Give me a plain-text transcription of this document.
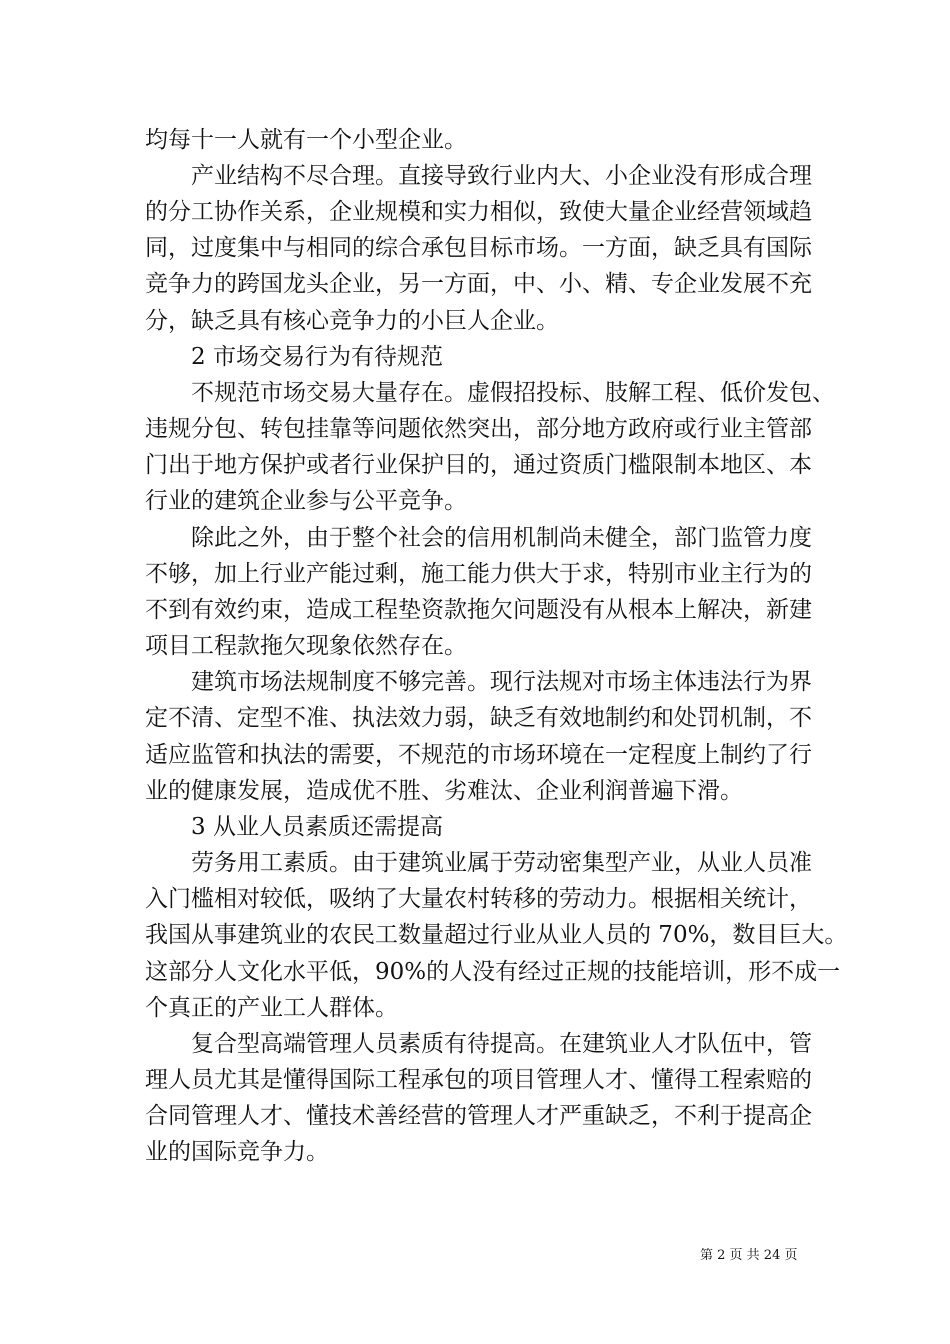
均每十一人就有一个小型企业。
　　产业结构不尽合理。直接导致行业内大、小企业没有形成合理
的分工协作关系，企业规模和实力相似，致使大量企业经营领域趋
同，过度集中与相同的综合承包目标市场。一方面，缺乏具有国际
竞争力的跨国龙头企业，另一方面，中、小、精、专企业发展不充
分，缺乏具有核心竞争力的小巨人企业。
　　2 市场交易行为有待规范
　　不规范市场交易大量存在。虚假招投标、肢解工程、低价发包、
违规分包、转包挂靠等问题依然突出，部分地方政府或行业主管部
门出于地方保护或者行业保护目的，通过资质门槛限制本地区、本
行业的建筑企业参与公平竞争。
　　除此之外，由于整个社会的信用机制尚未健全，部门监管力度
不够，加上行业产能过剩，施工能力供大于求，特别市业主行为的
不到有效约束，造成工程垫资款拖欠问题没有从根本上解决，新建
项目工程款拖欠现象依然存在。
　　建筑市场法规制度不够完善。现行法规对市场主体违法行为界
定不清、定型不准、执法效力弱，缺乏有效地制约和处罚机制，不
适应监管和执法的需要，不规范的市场环境在一定程度上制约了行
业的健康发展，造成优不胜、劣难汰、企业利润普遍下滑。
　　3 从业人员素质还需提高
　　劳务用工素质。由于建筑业属于劳动密集型产业，从业人员准
入门槛相对较低，吸纳了大量农村转移的劳动力。根据相关统计，
我国从事建筑业的农民工数量超过行业从业人员的 70%，数目巨大。
这部分人文化水平低，90%的人没有经过正规的技能培训，形不成一
个真正的产业工人群体。
　　复合型高端管理人员素质有待提高。在建筑业人才队伍中，管
理人员尤其是懂得国际工程承包的项目管理人才、懂得工程索赔的
合同管理人才、懂技术善经营的管理人才严重缺乏，不利于提高企
业的国际竞争力。
第 2 页 共 24 页
